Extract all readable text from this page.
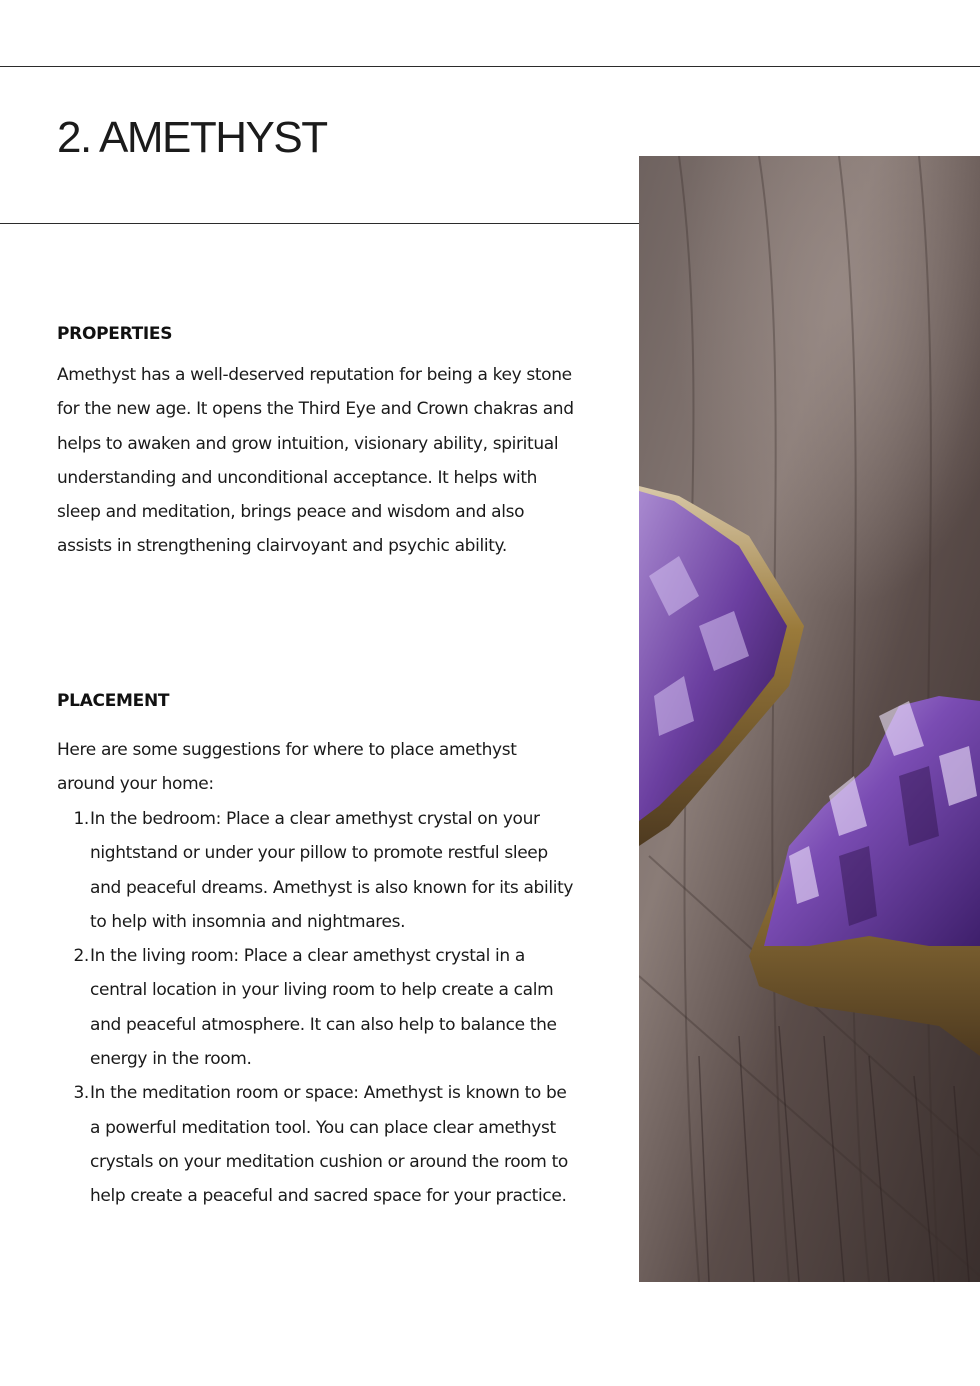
2. AMETHYST
PROPERTIES

Amethyst has a well-deserved reputation for being a key stone for the new age. It opens the Third Eye and Crown chakras and helps to awaken and grow intuition, visionary ability, spiritual understanding and unconditional acceptance. It helps with sleep and meditation, brings peace and wisdom and also assists in strengthening clairvoyant and psychic ability.

PLACEMENT

Here are some suggestions for where to place amethyst around your home:

1. In the bedroom: Place a clear amethyst crystal on your nightstand or under your pillow to promote restful sleep and peaceful dreams. Amethyst is also known for its ability to help with insomnia and nightmares.
2. In the living room: Place a clear amethyst crystal in a central location in your living room to help create a calm and peaceful atmosphere. It can also help to balance the energy in the room.
3. In the meditation room or space: Amethyst is known to be a powerful meditation tool. You can place clear amethyst crystals on your meditation cushion or around the room to help create a peaceful and sacred space for your practice.
